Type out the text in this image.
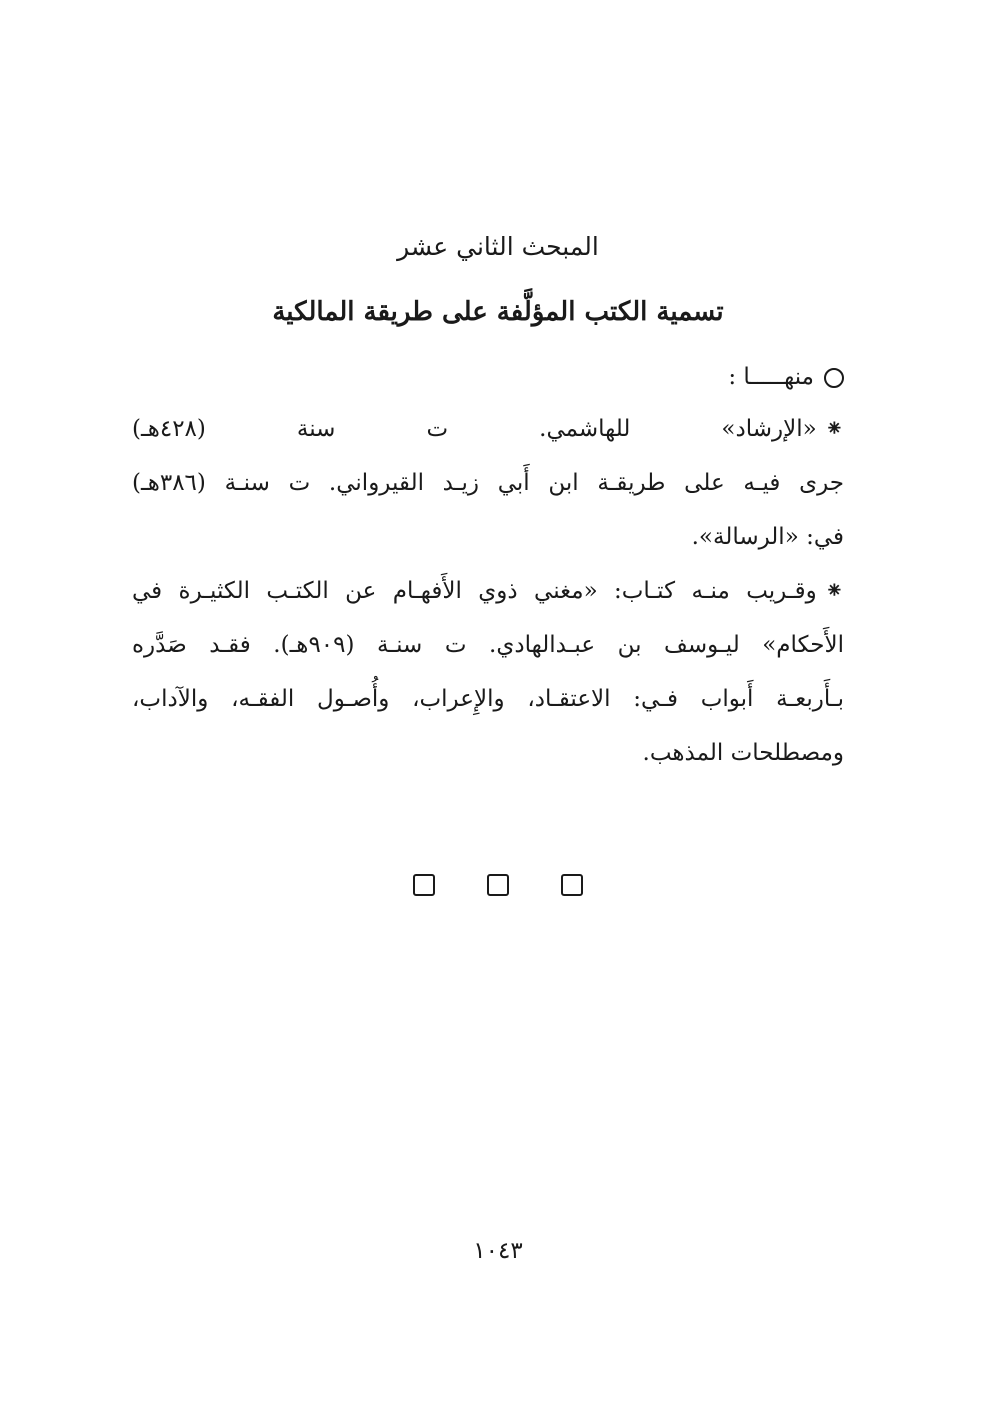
المبحث الثاني عشر
تسمية الكتب المؤلَّفة على طريقة المالكية
منهـــــا :
⁕«الإرشاد» للهاشمي. ت سنة (٤٢٨هـ)
جرى فيـه على طريقـة ابن أَبي زيـد القيرواني. ت سنـة (٣٨٦هـ)
في: «الرسالة».
⁕وقـريب منـه كتـاب: «مغني ذوي الأَفهـام عن الكتـب الكثيـرة في
الأَحكام» ليـوسف بن عبـدالهادي. ت سنـة (٩٠٩هـ). فقـد صَدَّره
بـأَربعـة أَبواب فـي: الاعتقـاد، والإِعراب، وأُصـول الفقـه، والآداب،
ومصطلحات المذهب.
١٠٤٣
